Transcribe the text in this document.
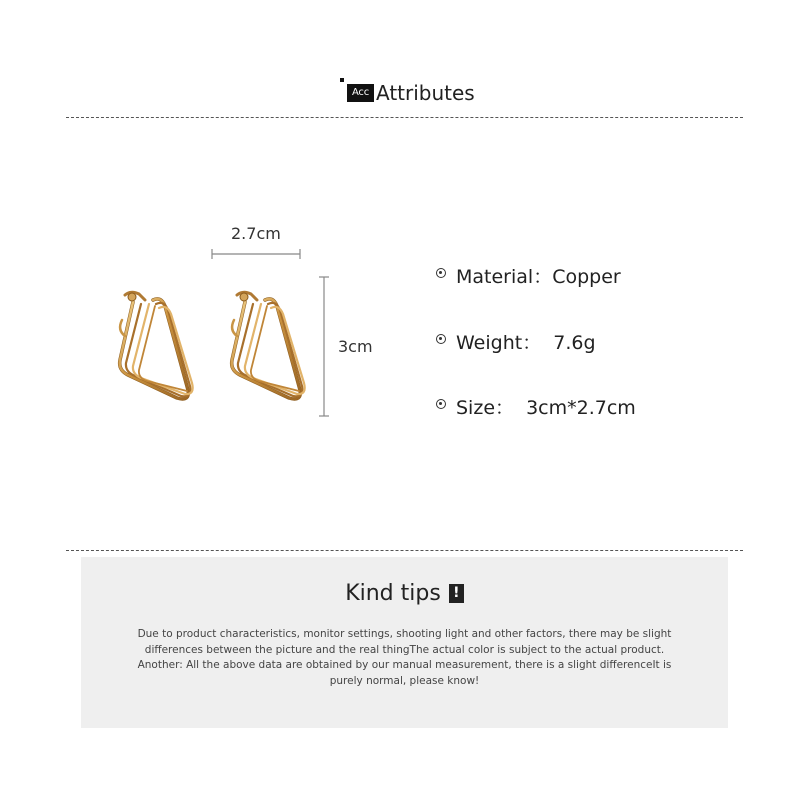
Acc Attributes
2.7cm
3cm
Material：Copper
Weight：  7.6g
Size：  3cm*2.7cm
Kind tips !
Due to product characteristics, monitor settings, shooting light and other factors, there may be slight
differences between the picture and the real thingThe actual color is subject to the actual product.
Another: All the above data are obtained by our manual measurement, there is a slight differenceIt is
purely normal, please know!
